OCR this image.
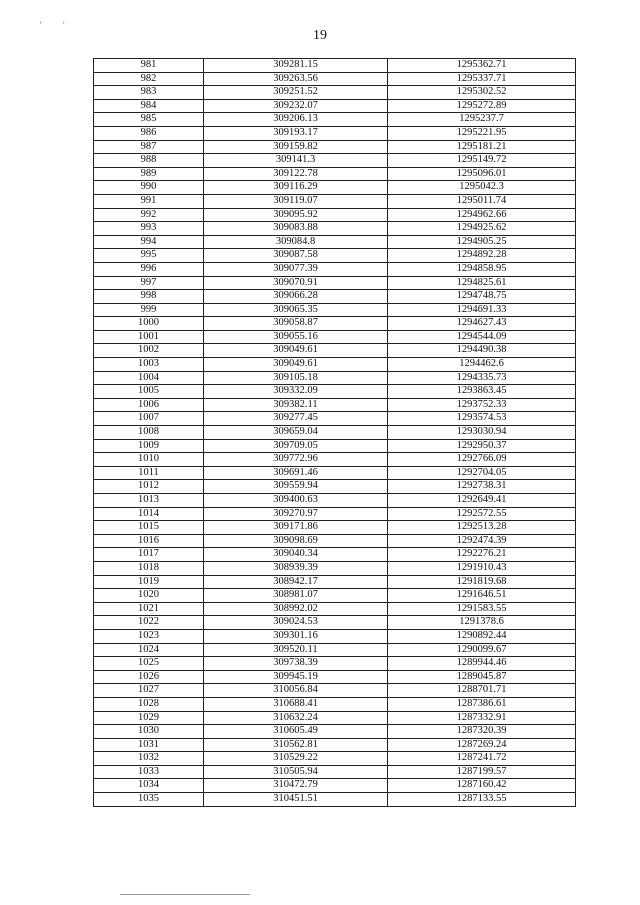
' '
19
981	309281.15	1295362.71
982	309263.56	1295337.71
983	309251.52	1295302.52
984	309232.07	1295272.89
985	309206.13	1295237.7
986	309193.17	1295221.95
987	309159.82	1295181.21
988	309141.3	1295149.72
989	309122.78	1295096.01
990	309116.29	1295042.3
991	309119.07	1295011.74
992	309095.92	1294962.66
993	309083.88	1294925.62
994	309084.8	1294905.25
995	309087.58	1294892.28
996	309077.39	1294858.95
997	309070.91	1294825.61
998	309066.28	1294748.75
999	309065.35	1294691.33
1000	309058.87	1294627.43
1001	309055.16	1294544.09
1002	309049.61	1294490.38
1003	309049.61	1294462.6
1004	309105.18	1294335.73
1005	309332.09	1293863.45
1006	309382.11	1293752.33
1007	309277.45	1293574.53
1008	309659.04	1293030.94
1009	309709.05	1292950.37
1010	309772.96	1292766.09
1011	309691.46	1292704.05
1012	309559.94	1292738.31
1013	309400.63	1292649.41
1014	309270.97	1292572.55
1015	309171.86	1292513.28
1016	309098.69	1292474.39
1017	309040.34	1292276.21
1018	308939.39	1291910.43
1019	308942.17	1291819.68
1020	308981.07	1291646.51
1021	308992.02	1291583.55
1022	309024.53	1291378.6
1023	309301.16	1290892.44
1024	309520.11	1290099.67
1025	309738.39	1289944.46
1026	309945.19	1289045.87
1027	310056.84	1288701.71
1028	310688.41	1287386.61
1029	310632.24	1287332.91
1030	310605.49	1287320.39
1031	310562.81	1287269.24
1032	310529.22	1287241.72
1033	310505.94	1287199.57
1034	310472.79	1287160.42
1035	310451.51	1287133.55
